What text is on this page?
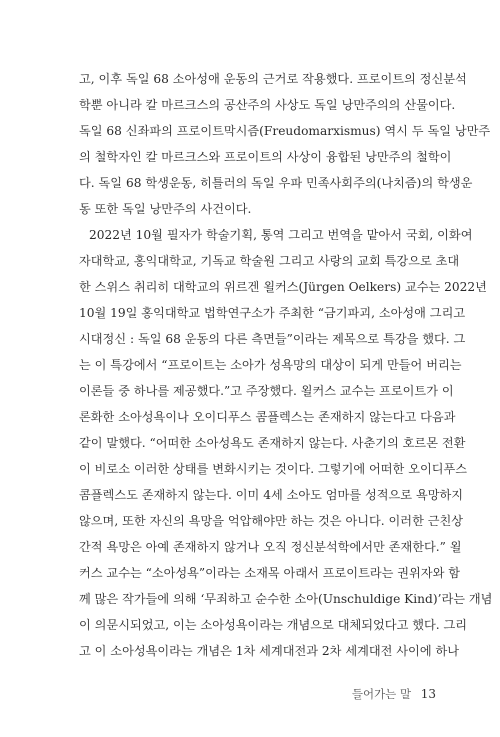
고, 이후 독일 68 소아성애 운동의 근거로 작용했다. 프로이트의 정신분석
학뿐 아니라 칼 마르크스의 공산주의 사상도 독일 낭만주의의 산물이다.
독일 68 신좌파의 프로이트막시즘(Freudomarxismus) 역시 두 독일 낭만주
의 철학자인 칼 마르크스와 프로이트의 사상이 융합된 낭만주의 철학이
다. 독일 68 학생운동, 히틀러의 독일 우파 민족사회주의(나치즘)의 학생운
동 또한 독일 낭만주의 사건이다.
2022년 10월 필자가 학술기획, 통역 그리고 번역을 맡아서 국회, 이화여
자대학교, 홍익대학교, 기독교 학술원 그리고 사랑의 교회 특강으로 초대
한 스위스 취리히 대학교의 위르겐 욀커스(Jürgen Oelkers) 교수는 2022년
10월 19일 홍익대학교 법학연구소가 주최한 “금기파괴, 소아성애 그리고
시대정신 : 독일 68 운동의 다른 측면들”이라는 제목으로 특강을 했다. 그
는 이 특강에서 “프로이트는 소아가 성욕망의 대상이 되게 만들어 버리는
이론들 중 하나를 제공했다.”고 주장했다. 욀커스 교수는 프로이트가 이
론화한 소아성욕이나 오이디푸스 콤플렉스는 존재하지 않는다고 다음과
같이 말했다. “어떠한 소아성욕도 존재하지 않는다. 사춘기의 호르몬 전환
이 비로소 이러한 상태를 변화시키는 것이다. 그렇기에 어떠한 오이디푸스
콤플렉스도 존재하지 않는다. 이미 4세 소아도 엄마를 성적으로 욕망하지
않으며, 또한 자신의 욕망을 억압해야만 하는 것은 아니다. 이러한 근친상
간적 욕망은 아예 존재하지 않거나 오직 정신분석학에서만 존재한다.” 욀
커스 교수는 “소아성욕”이라는 소재목 아래서 프로이트라는 권위자와 함
께 많은 작가들에 의해 ‘무죄하고 순수한 소아(Unschuldige Kind)’라는 개념
이 의문시되었고, 이는 소아성욕이라는 개념으로 대체되었다고 했다. 그리
고 이 소아성욕이라는 개념은 1차 세계대전과 2차 세계대전 사이에 하나
들어가는 말 13
